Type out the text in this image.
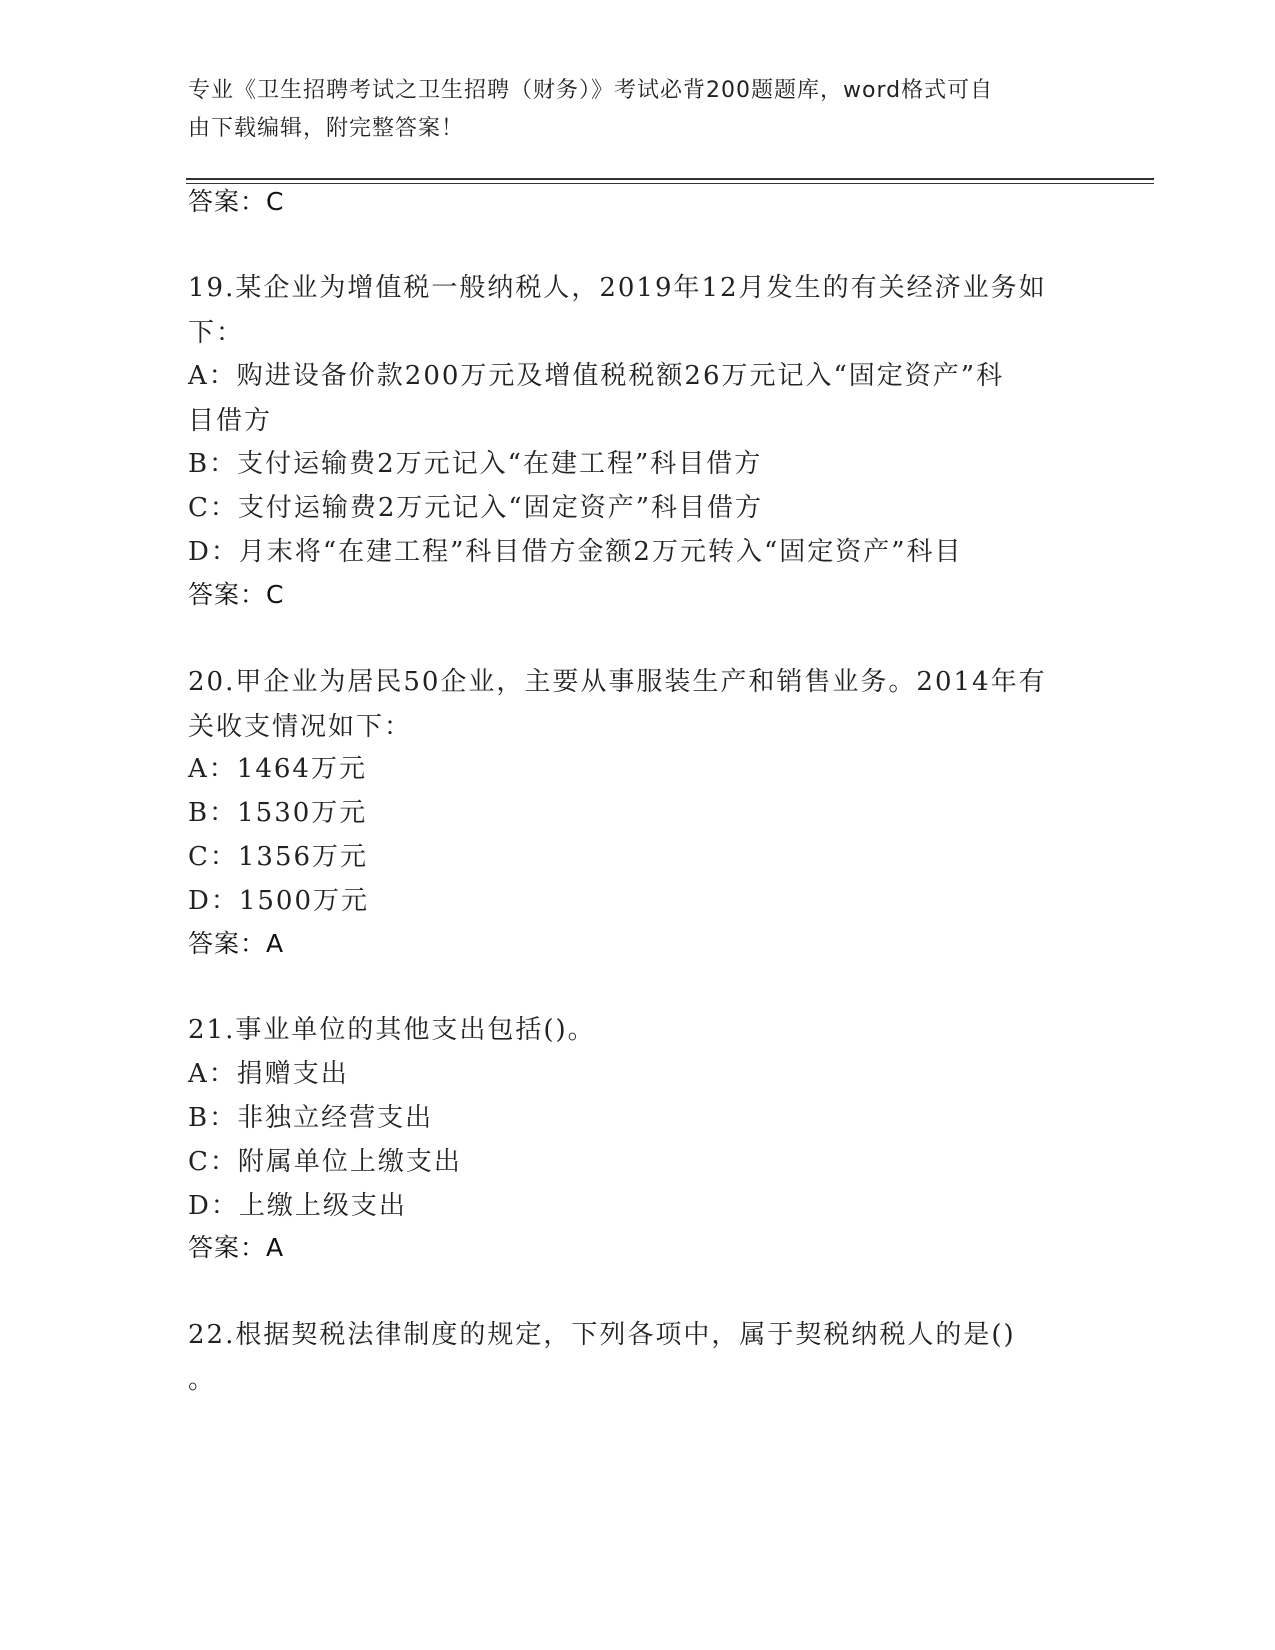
专业《卫生招聘考试之卫生招聘（财务）》考试必背200题题库，word格式可自
由下载编辑，附完整答案！
答案：C
19.某企业为增值税一般纳税人，2019年12月发生的有关经济业务如
下：
A：购进设备价款200万元及增值税税额26万元记入“固定资产”科
目借方
B：支付运输费2万元记入“在建工程”科目借方
C：支付运输费2万元记入“固定资产”科目借方
D：月末将“在建工程”科目借方金额2万元转入“固定资产”科目
答案：C
20.甲企业为居民50企业，主要从事服装生产和销售业务。2014年有
关收支情况如下：
A：1464万元
B：1530万元
C：1356万元
D：1500万元
答案：A
21.事业单位的其他支出包括()。
A：捐赠支出
B：非独立经营支出
C：附属单位上缴支出
D：上缴上级支出
答案：A
22.根据契税法律制度的规定，下列各项中，属于契税纳税人的是()
。
